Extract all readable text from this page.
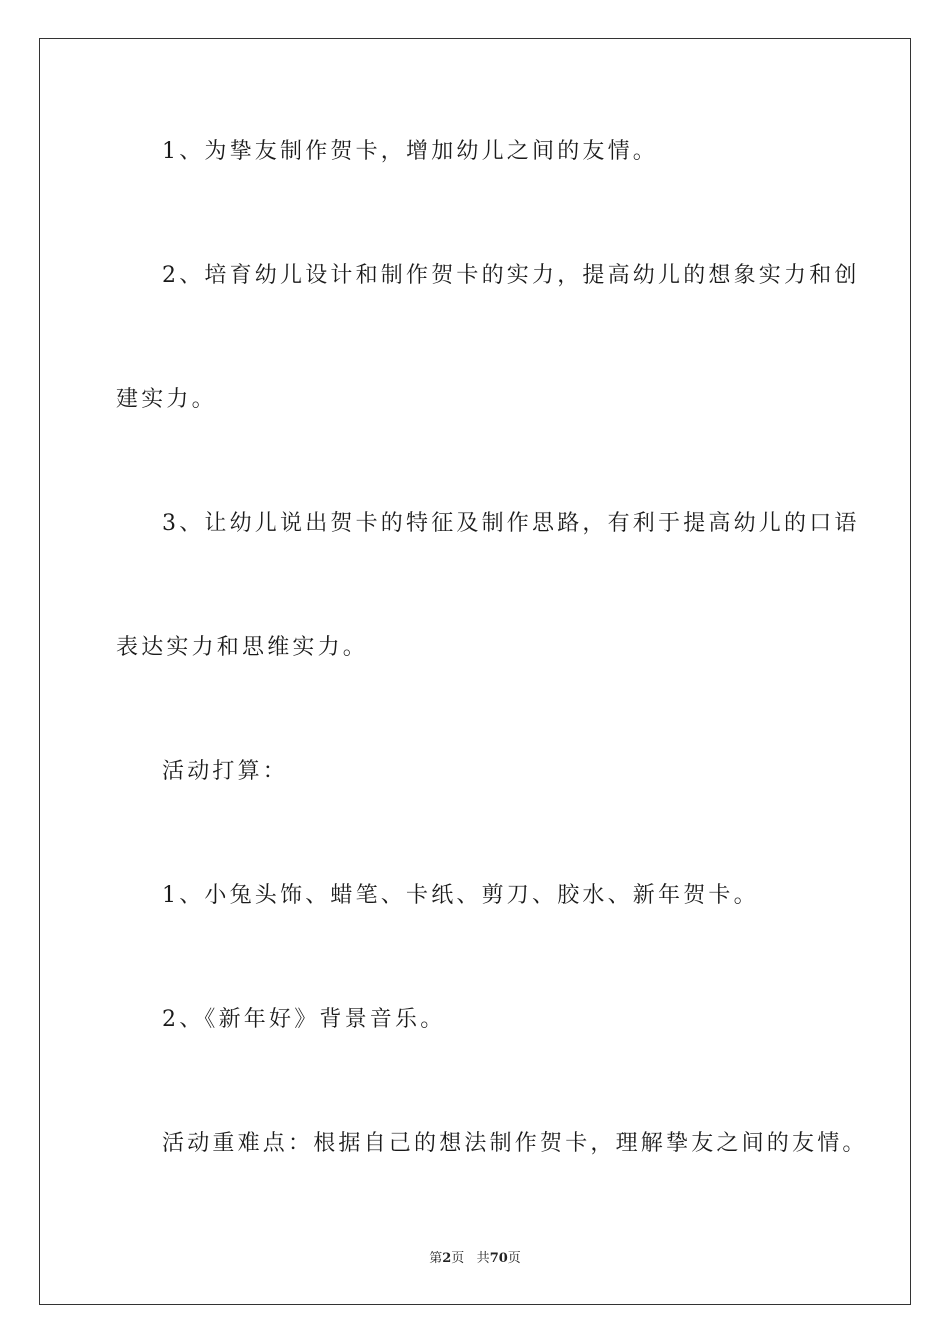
1、为挚友制作贺卡，增加幼儿之间的友情。

2、培育幼儿设计和制作贺卡的实力，提高幼儿的想象实力和创

建实力。

3、让幼儿说出贺卡的特征及制作思路，有利于提高幼儿的口语

表达实力和思维实力。

活动打算：

1、小兔头饰、蜡笔、卡纸、剪刀、胶水、新年贺卡。

2、《新年好》背景音乐。

活动重难点：根据自己的想法制作贺卡，理解挚友之间的友情。

第2页 共70页
